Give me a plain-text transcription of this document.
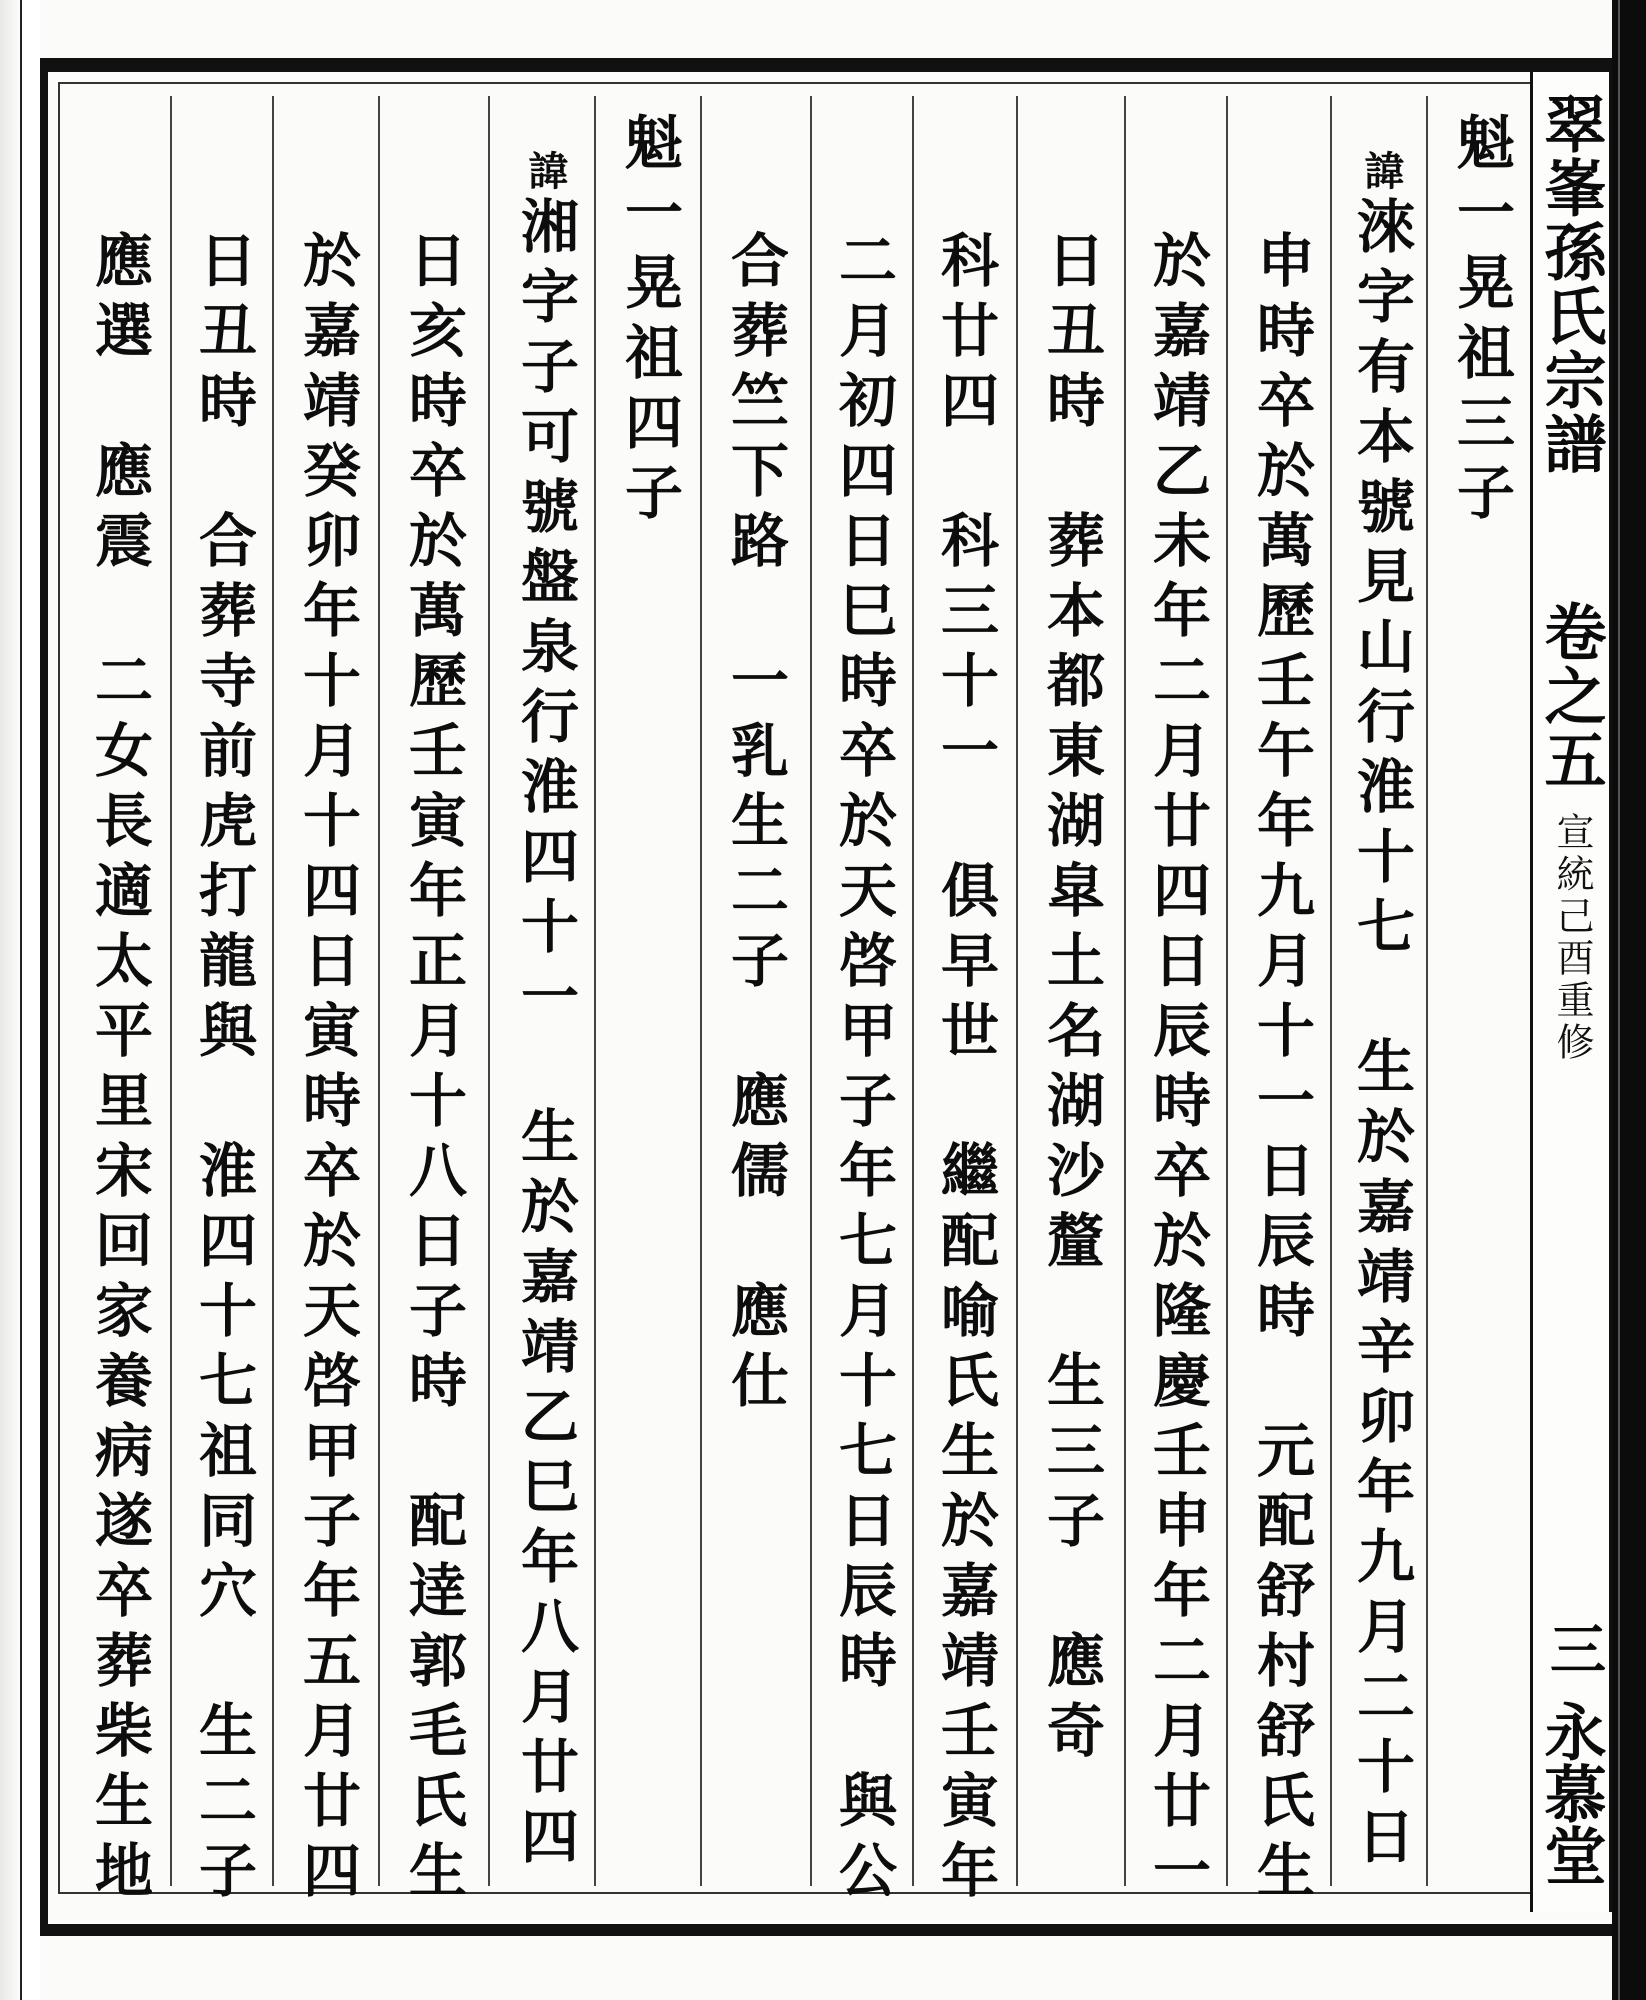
魁一晃祖三子
諱淶字有本號見山行淮十七　生於嘉靖辛卯年九月二十日
申時卒於萬歷壬午年九月十一日辰時　元配舒村舒氏生
於嘉靖乙未年二月廿四日辰時卒於隆慶壬申年二月廿一
日丑時　葬本都東湖皐土名湖沙釐　生三子　應奇
科廿四　科三十一　俱早世　繼配喻氏生於嘉靖壬寅年
二月初四日巳時卒於天啓甲子年七月十七日辰時　與公
合葬竺下路　一乳生二子　應儒　應仕
魁一晃祖四子
諱湘字子可號盤泉行淮四十一　生於嘉靖乙巳年八月廿四
日亥時卒於萬歷壬寅年正月十八日子時　配逹郭毛氏生
於嘉靖癸卯年十月十四日寅時卒於天啓甲子年五月廿四
日丑時　合葬寺前虎打龍與　淮四十七祖同穴　生二子
應選　應震　二女長適太平里宋回家養病遂卒葬柴生地	翠峯孫氏宗譜
卷之五
宣統己酉重修
三
永慕堂
